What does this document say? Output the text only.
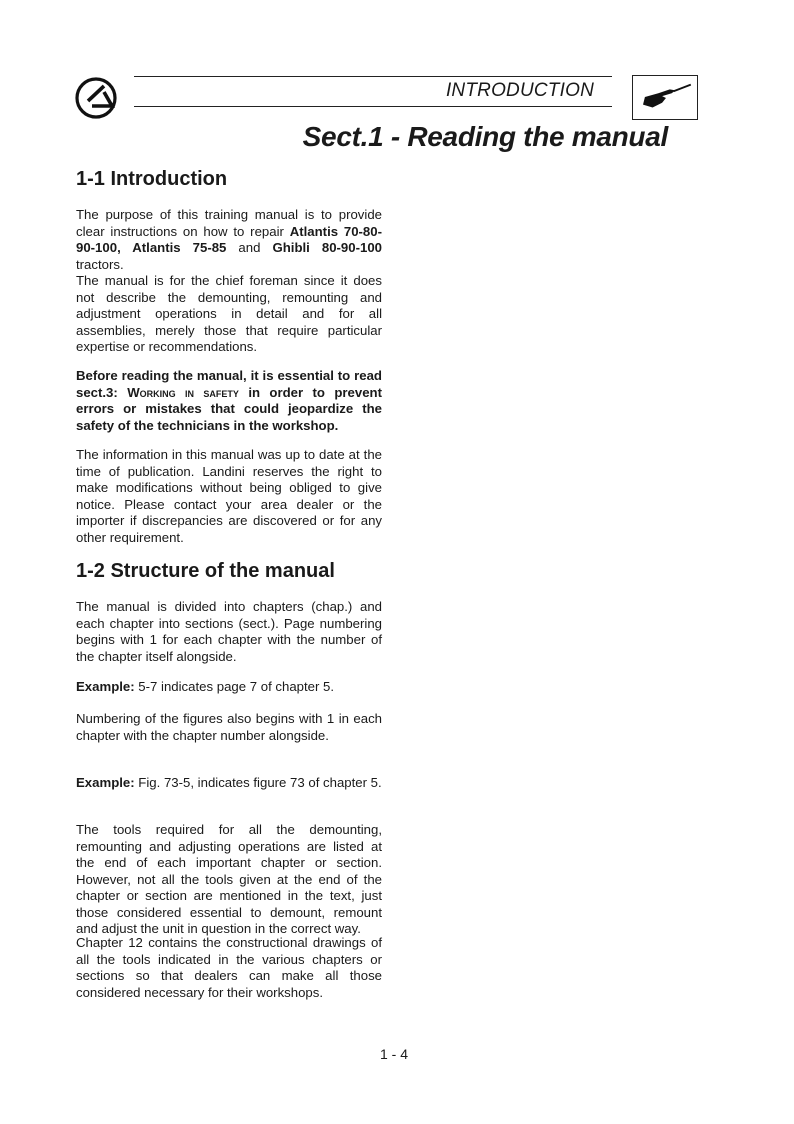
INTRODUCTION
Sect.1 - Reading the manual
1-1 Introduction

The purpose of this training manual is to provide clear instructions on how to repair Atlantis 70-80-90-100, Atlantis 75-85 and Ghibli 80-90-100 tractors.
The manual is for the chief foreman since it does not describe the demounting, remounting and adjustment operations in detail and for all assemblies, merely those that require particular expertise or recommendations.

Before reading the manual, it is essential to read sect.3: Working in safety in order to prevent errors or mistakes that could jeopardize the safety of the technicians in the workshop.

The information in this manual was up to date at the time of publication. Landini reserves the right to make modifications without being obliged to give notice. Please contact your area dealer or the importer if discrepancies are discovered or for any other requirement.

1-2 Structure of the manual

The manual is divided into chapters (chap.) and each chapter into sections (sect.). Page numbering begins with 1 for each chapter with the number of the chapter itself alongside.

Example: 5-7 indicates page 7 of chapter 5.

Numbering of the figures also begins with 1 in each chapter with the chapter number alongside.

Example: Fig. 73-5, indicates figure 73 of chapter 5.

The tools required for all the demounting, remounting and adjusting operations are listed at the end of each important chapter or section. However, not all the tools given at the end of the chapter or section are mentioned in the text, just those considered essential to demount, remount and adjust the unit in question in the correct way.

Chapter 12 contains the constructional drawings of all the tools indicated in the various chapters or sections so that dealers can make all those considered necessary for their workshops.

1 - 4
